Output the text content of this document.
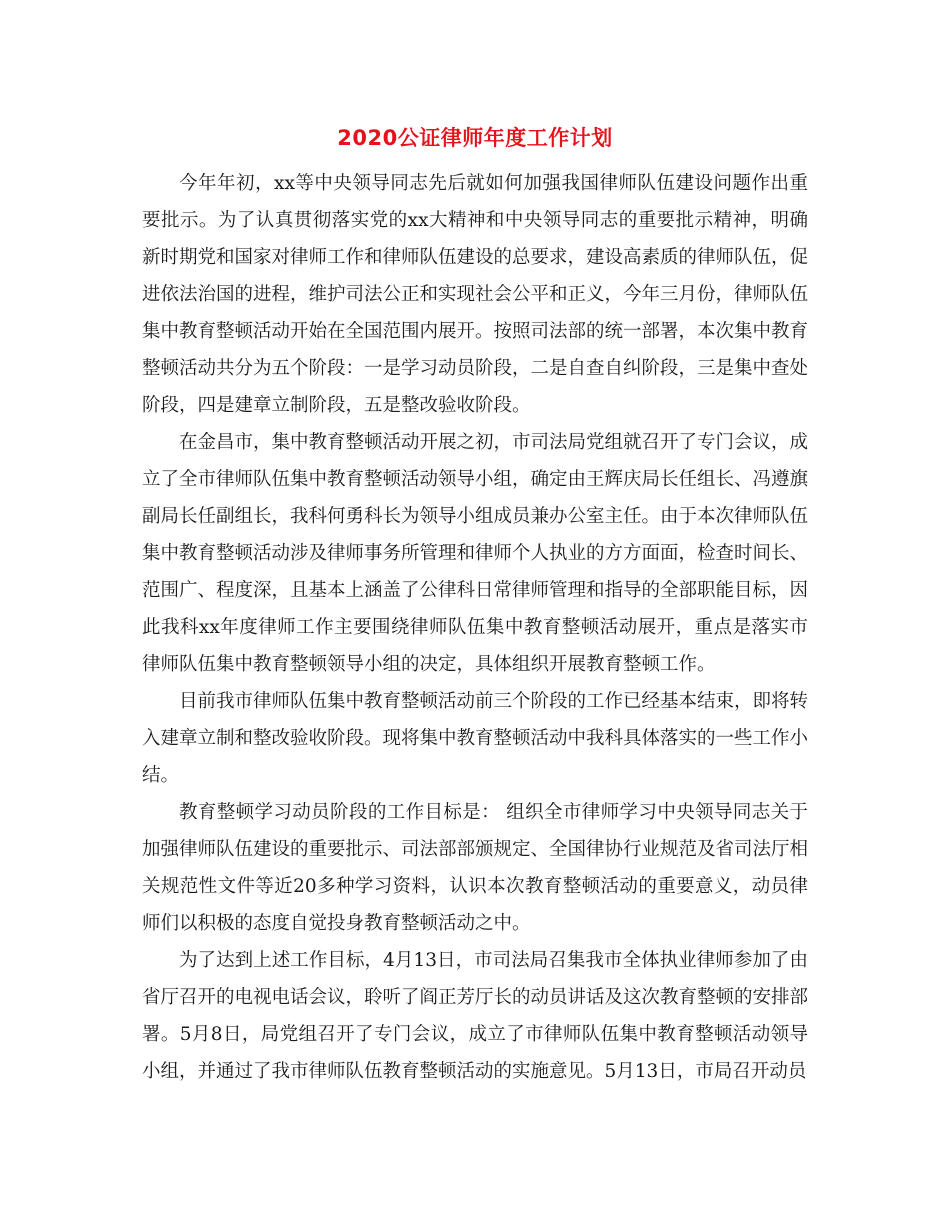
2020公证律师年度工作计划

今年年初，xx等中央领导同志先后就如何加强我国律师队伍建设问题作出重要批示。为了认真贯彻落实党的xx大精神和中央领导同志的重要批示精神，明确新时期党和国家对律师工作和律师队伍建设的总要求，建设高素质的律师队伍，促进依法治国的进程，维护司法公正和实现社会公平和正义，今年三月份，律师队伍集中教育整顿活动开始在全国范围内展开。按照司法部的统一部署，本次集中教育整顿活动共分为五个阶段：一是学习动员阶段，二是自查自纠阶段，三是集中查处阶段，四是建章立制阶段，五是整改验收阶段。

在金昌市，集中教育整顿活动开展之初，市司法局党组就召开了专门会议，成立了全市律师队伍集中教育整顿活动领导小组，确定由王辉庆局长任组长、冯遵旗副局长任副组长，我科何勇科长为领导小组成员兼办公室主任。由于本次律师队伍集中教育整顿活动涉及律师事务所管理和律师个人执业的方方面面，检查时间长、范围广、程度深，且基本上涵盖了公律科日常律师管理和指导的全部职能目标，因此我科xx年度律师工作主要围绕律师队伍集中教育整顿活动展开，重点是落实市律师队伍集中教育整顿领导小组的决定，具体组织开展教育整顿工作。

目前我市律师队伍集中教育整顿活动前三个阶段的工作已经基本结束，即将转入建章立制和整改验收阶段。现将集中教育整顿活动中我科具体落实的一些工作小结。

教育整顿学习动员阶段的工作目标是： 组织全市律师学习中央领导同志关于加强律师队伍建设的重要批示、司法部部颁规定、全国律协行业规范及省司法厅相关规范性文件等近20多种学习资料，认识本次教育整顿活动的重要意义，动员律师们以积极的态度自觉投身教育整顿活动之中。

为了达到上述工作目标，4月13日，市司法局召集我市全体执业律师参加了由省厅召开的电视电话会议，聆听了阎正芳厅长的动员讲话及这次教育整顿的安排部署。5月8日，局党组召开了专门会议，成立了市律师队伍集中教育整顿活动领导小组，并通过了我市律师队伍教育整顿活动的实施意见。5月13日，市局召开动员
